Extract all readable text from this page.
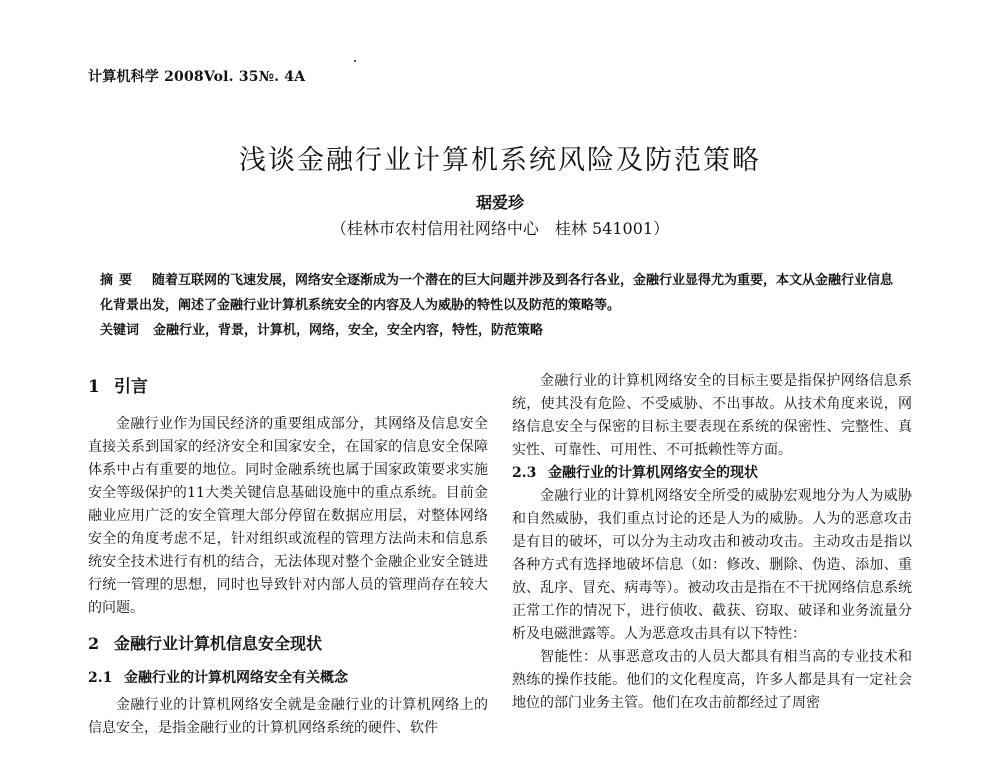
计算机科学 2008Vol. 35№. 4A
浅谈金融行业计算机系统风险及防范策略
琚爱珍
（桂林市农村信用社网络中心　桂林 541001）
摘要 随着互联网的飞速发展，网络安全逐渐成为一个潜在的巨大问题并涉及到各行各业，金融行业显得尤为重要，本文从金融行业信息化背景出发，阐述了金融行业计算机系统安全的内容及人为威胁的特性以及防范的策略等。
关键词 金融行业，背景，计算机，网络，安全，安全内容，特性，防范策略
1 引言

金融行业作为国民经济的重要组成部分，其网络及信息安全直接关系到国家的经济安全和国家安全，在国家的信息安全保障体系中占有重要的地位。同时金融系统也属于国家政策要求实施安全等级保护的11大类关键信息基础设施中的重点系统。目前金融业应用广泛的安全管理大部分停留在数据应用层，对整体网络安全的角度考虑不足，针对组织或流程的管理方法尚未和信息系统安全技术进行有机的结合，无法体现对整个金融企业安全链进行统一管理的思想，同时也导致针对内部人员的管理尚存在较大的问题。

2 金融行业计算机信息安全现状
2.1 金融行业的计算机网络安全有关概念

金融行业的计算机网络安全就是金融行业的计算机网络上的信息安全，是指金融行业的计算机网络系统的硬件、软件

金融行业的计算机网络安全的目标主要是指保护网络信息系统，使其没有危险、不受威胁、不出事故。从技术角度来说，网络信息安全与保密的目标主要表现在系统的保密性、完整性、真实性、可靠性、可用性、不可抵赖性等方面。

2.3 金融行业的计算机网络安全的现状

金融行业的计算机网络安全所受的威胁宏观地分为人为威胁和自然威胁，我们重点讨论的还是人为的威胁。人为的恶意攻击是有目的破坏，可以分为主动攻击和被动攻击。主动攻击是指以各种方式有选择地破坏信息（如：修改、删除、伪造、添加、重放、乱序、冒充、病毒等）。被动攻击是指在不干扰网络信息系统正常工作的情况下，进行侦收、截获、窃取、破译和业务流量分析及电磁泄露等。人为恶意攻击具有以下特性：

智能性：从事恶意攻击的人员大都具有相当高的专业技术和熟练的操作技能。他们的文化程度高，许多人都是具有一定社会地位的部门业务主管。他们在攻击前都经过了周密
